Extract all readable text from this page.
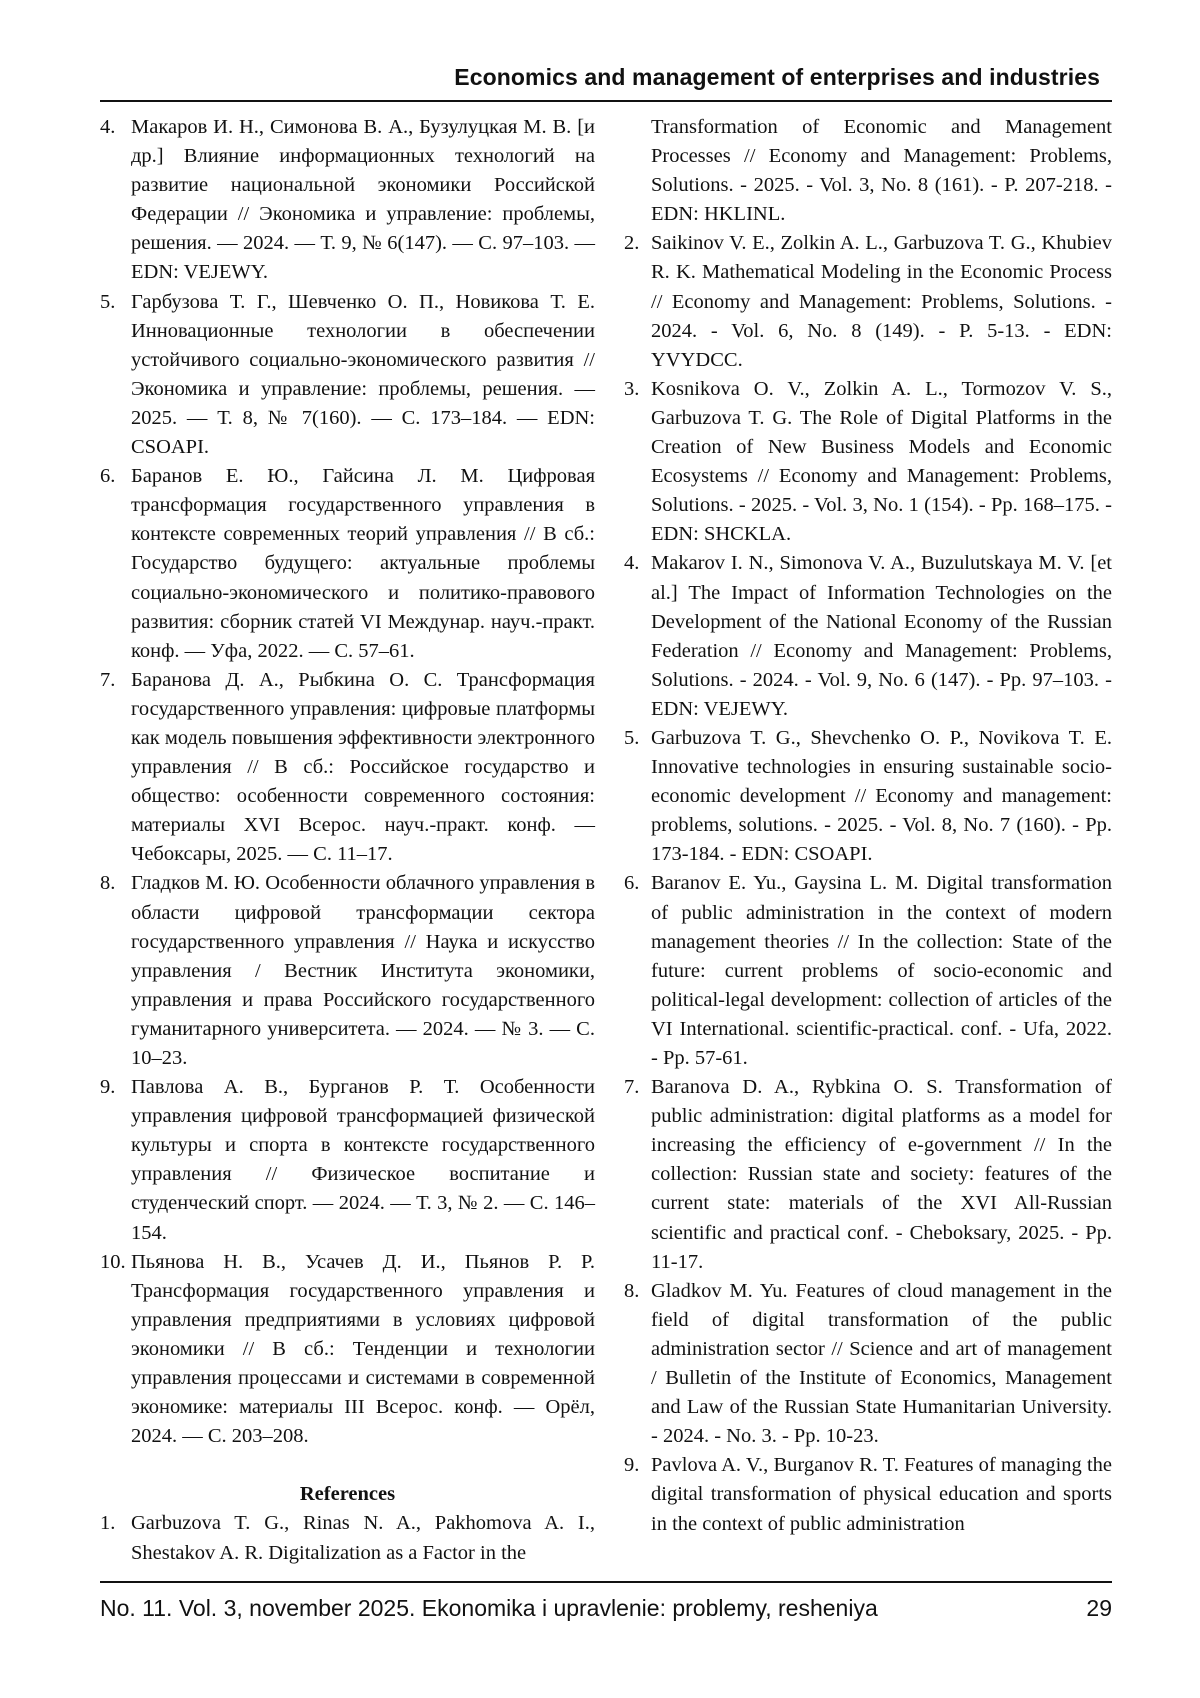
Economics and management of enterprises and industries

4. Макаров И. Н., Симонова В. А., Бузулуцкая М. В. [и др.] Влияние информационных технологий на развитие национальной экономики Российской Федерации // Экономика и управление: проблемы, решения. — 2024. — Т. 9, № 6(147). — С. 97–103. — EDN: VEJEWY.

5. Гарбузова Т. Г., Шевченко О. П., Новикова Т. Е. Инновационные технологии в обеспечении устойчивого социально-экономического развития // Экономика и управление: проблемы, решения. — 2025. — Т. 8, № 7(160). — С. 173–184. — EDN: CSOAPI.

6. Баранов Е. Ю., Гайсина Л. М. Цифровая трансформация государственного управления в контексте современных теорий управления // В сб.: Государство будущего: актуальные проблемы социально-экономического и политико-правового развития: сборник статей VI Междунар. науч.-практ. конф. — Уфа, 2022. — С. 57–61.

7. Баранова Д. А., Рыбкина О. С. Трансформация государственного управления: цифровые платформы как модель повышения эффективности электронного управления // В сб.: Российское государство и общество: особенности современного состояния: материалы XVI Всерос. науч.-практ. конф. — Чебоксары, 2025. — С. 11–17.

8. Гладков М. Ю. Особенности облачного управления в области цифровой трансформации сектора государственного управления // Наука и искусство управления / Вестник Института экономики, управления и права Российского государственного гуманитарного университета. — 2024. — № 3. — С. 10–23.

9. Павлова А. В., Бурганов Р. Т. Особенности управления цифровой трансформацией физической культуры и спорта в контексте государственного управления // Физическое воспитание и студенческий спорт. — 2024. — Т. 3, № 2. — С. 146–154.

10. Пьянова Н. В., Усачев Д. И., Пьянов Р. Р. Трансформация государственного управления и управления предприятиями в условиях цифровой экономики // В сб.: Тенденции и технологии управления процессами и системами в современной экономике: материалы III Всерос. конф. — Орёл, 2024. — С. 203–208.

References

1. Garbuzova T. G., Rinas N. A., Pakhomova A. I., Shestakov A. R. Digitalization as a Factor in the

Transformation of Economic and Management Processes // Economy and Management: Problems, Solutions. - 2025. - Vol. 3, No. 8 (161). - P. 207-218. - EDN: HKLINL.

2. Saikinov V. E., Zolkin A. L., Garbuzova T. G., Khubiev R. K. Mathematical Modeling in the Economic Process // Economy and Management: Problems, Solutions. - 2024. - Vol. 6, No. 8 (149). - P. 5-13. - EDN: YVYDCC.

3. Kosnikova O. V., Zolkin A. L., Tormozov V. S., Garbuzova T. G. The Role of Digital Platforms in the Creation of New Business Models and Economic Ecosystems // Economy and Management: Problems, Solutions. - 2025. - Vol. 3, No. 1 (154). - Pp. 168–175. - EDN: SHCKLA.

4. Makarov I. N., Simonova V. A., Buzulutskaya M. V. [et al.] The Impact of Information Technologies on the Development of the National Economy of the Russian Federation // Economy and Management: Problems, Solutions. - 2024. - Vol. 9, No. 6 (147). - Pp. 97–103. - EDN: VEJEWY.

5. Garbuzova T. G., Shevchenko O. P., Novikova T. E. Innovative technologies in ensuring sustainable socio-economic development // Economy and management: problems, solutions. - 2025. - Vol. 8, No. 7 (160). - Pp. 173-184. - EDN: CSOAPI.

6. Baranov E. Yu., Gaysina L. M. Digital transformation of public administration in the context of modern management theories // In the collection: State of the future: current problems of socio-economic and political-legal development: collection of articles of the VI International. scientific-practical. conf. - Ufa, 2022. - Pp. 57-61.

7. Baranova D. A., Rybkina O. S. Transformation of public administration: digital platforms as a model for increasing the efficiency of e-government // In the collection: Russian state and society: features of the current state: materials of the XVI All-Russian scientific and practical conf. - Cheboksary, 2025. - Pp. 11-17.

8. Gladkov M. Yu. Features of cloud management in the field of digital transformation of the public administration sector // Science and art of management / Bulletin of the Institute of Economics, Management and Law of the Russian State Humanitarian University. - 2024. - No. 3. - Pp. 10-23.

9. Pavlova A. V., Burganov R. T. Features of managing the digital transformation of physical education and sports in the context of public administration

No. 11. Vol. 3, november 2025. Ekonomika i upravlenie: problemy, resheniya	29
